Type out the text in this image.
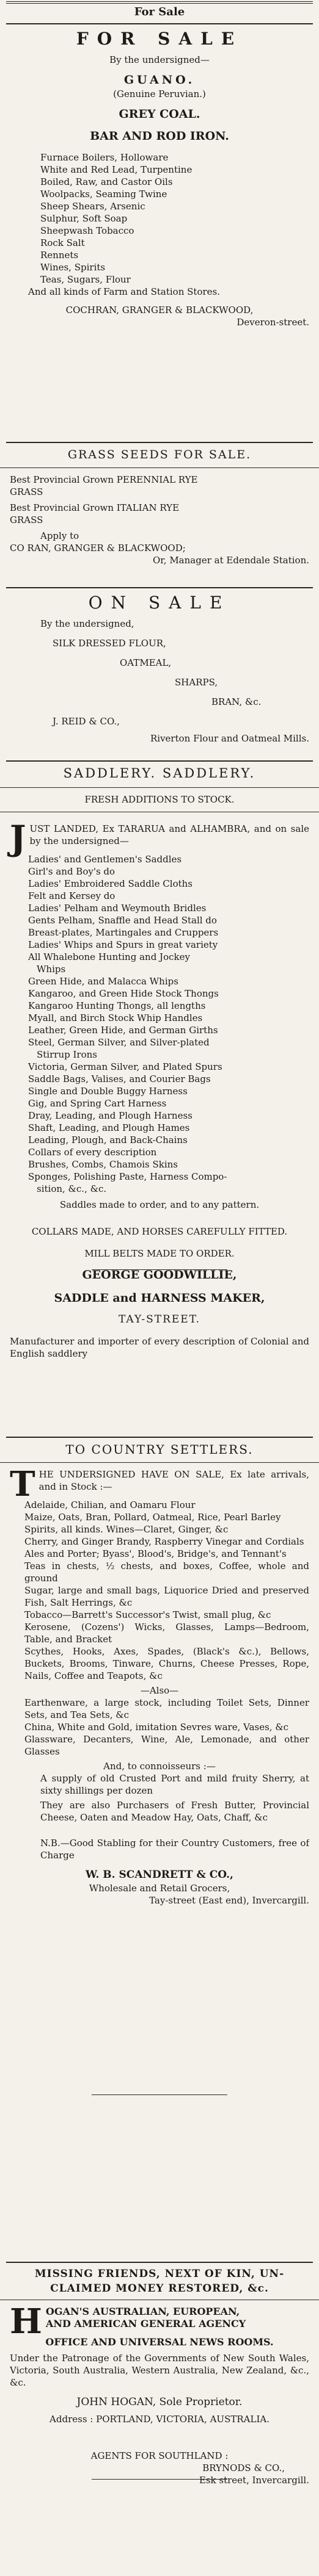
For Sale
FOR SALE
By the undersigned—
GUANO.
(Genuine Peruvian.)
GREY COAL.
BAR AND ROD IRON.
Furnace Boilers, Holloware
White and Red Lead, Turpentine
Boiled, Raw, and Castor Oils
Woolpacks, Seaming Twine
Sheep Shears, Arsenic
Sulphur, Soft Soap
Sheepwash Tobacco
Rock Salt
Rennets
Wines, Spirits
Teas, Sugars, Flour
And all kinds of Farm and Station Stores.
COCHRAN, GRANGER & BLACKWOOD,
Deveron-street.
GRASS SEEDS FOR SALE.
Best Provincial Grown PERENNIAL RYE
GRASS
Best Provincial Grown ITALIAN RYE
GRASS
Apply to
CO RAN, GRANGER & BLACKWOOD;
Or, Manager at Edendale Station.
ON SALE
By the undersigned,
SILK DRESSED FLOUR,
OATMEAL,
SHARPS,
BRAN, &c.
J. REID & CO.,
Riverton Flour and Oatmeal Mills.
SADDLERY. SADDLERY.
FRESH ADDITIONS TO STOCK.
J UST LANDED, Ex TARARUA and ALHAMBRA, and on sale by the undersigned—
Ladies' and Gentlemen's Saddles
Girl's and Boy's do
Ladies' Embroidered Saddle Cloths
Felt and Kersey do
Ladies' Pelham and Weymouth Bridles
Gents Pelham, Snaffle and Head Stall do
Breast-plates, Martingales and Cruppers
Ladies' Whips and Spurs in great variety
All Whalebone Hunting and Jockey
Whips
Green Hide, and Malacca Whips
Kangaroo, and Green Hide Stock Thongs
Kangaroo Hunting Thongs, all lengths
Myall, and Birch Stock Whip Handles
Leather, Green Hide, and German Girths
Steel, German Silver, and Silver-plated
Stirrup Irons
Victoria, German Silver, and Plated Spurs
Saddle Bags, Valises, and Courier Bags
Single and Double Buggy Harness
Gig, and Spring Cart Harness
Dray, Leading, and Plough Harness
Shaft, Leading, and Plough Hames
Leading, Plough, and Back-Chains
Collars of every description
Brushes, Combs, Chamois Skins
Sponges, Polishing Paste, Harness Compo-
sition, &c., &c.
Saddles made to order, and to any pattern.
COLLARS MADE, AND HORSES CAREFULLY FITTED.
MILL BELTS MADE TO ORDER.
GEORGE GOODWILLIE,
SADDLE and HARNESS MAKER,
TAY-STREET.
Manufacturer and importer of every description of Colonial and English saddlery
TO COUNTRY SETTLERS.
T HE UNDERSIGNED HAVE ON SALE, Ex late arrivals, and in Stock :—
Adelaide, Chilian, and Oamaru Flour
Maize, Oats, Bran, Pollard, Oatmeal, Rice, Pearl Barley
Spirits, all kinds. Wines—Claret, Ginger, &c
Cherry, and Ginger Brandy, Raspberry Vinegar and Cordials
Ales and Porter; Byass', Blood's, Bridge's, and Tennant's
Teas in chests, ½ chests, and boxes, Coffee, whole and ground
Sugar, large and small bags, Liquorice Dried and preserved Fish, Salt Herrings, &c
Tobacco—Barrett's Successor's Twist, small plug, &c
Kerosene, (Cozens') Wicks, Glasses, Lamps—Bedroom, Table, and Bracket
Scythes, Hooks, Axes, Spades, (Black's &c.), Bellows, Buckets, Brooms, Tinware, Churns, Cheese Presses, Rope, Nails, Coffee and Teapots, &c
—Also—
Earthenware, a large stock, including Toilet Sets, Dinner Sets, and Tea Sets, &c
China, White and Gold, imitation Sevres ware, Vases, &c
Glassware, Decanters, Wine, Ale, Lemonade, and other Glasses
And, to connoisseurs :—
A supply of old Crusted Port and mild fruity Sherry, at sixty shillings per dozen
They are also Purchasers of Fresh Butter, Provincial Cheese, Oaten and Meadow Hay, Oats, Chaff, &c
N.B.—Good Stabling for their Country Customers, free of Charge
W. B. SCANDRETT & CO.,
Wholesale and Retail Grocers,
Tay-street (East end), Invercargill.
MISSING FRIENDS, NEXT OF KIN, UN-
CLAIMED MONEY RESTORED, &c.
H OGAN'S AUSTRALIAN, EUROPEAN,
AND AMERICAN GENERAL AGENCY
OFFICE AND UNIVERSAL NEWS ROOMS.
Under the Patronage of the Governments of New South Wales, Victoria, South Australia, Western Australia, New Zealand, &c., &c.
JOHN HOGAN, Sole Proprietor.
Address : PORTLAND, VICTORIA, AUSTRALIA.
AGENTS FOR SOUTHLAND :
BRYNODS & CO.,
Esk street, Invercargill.
